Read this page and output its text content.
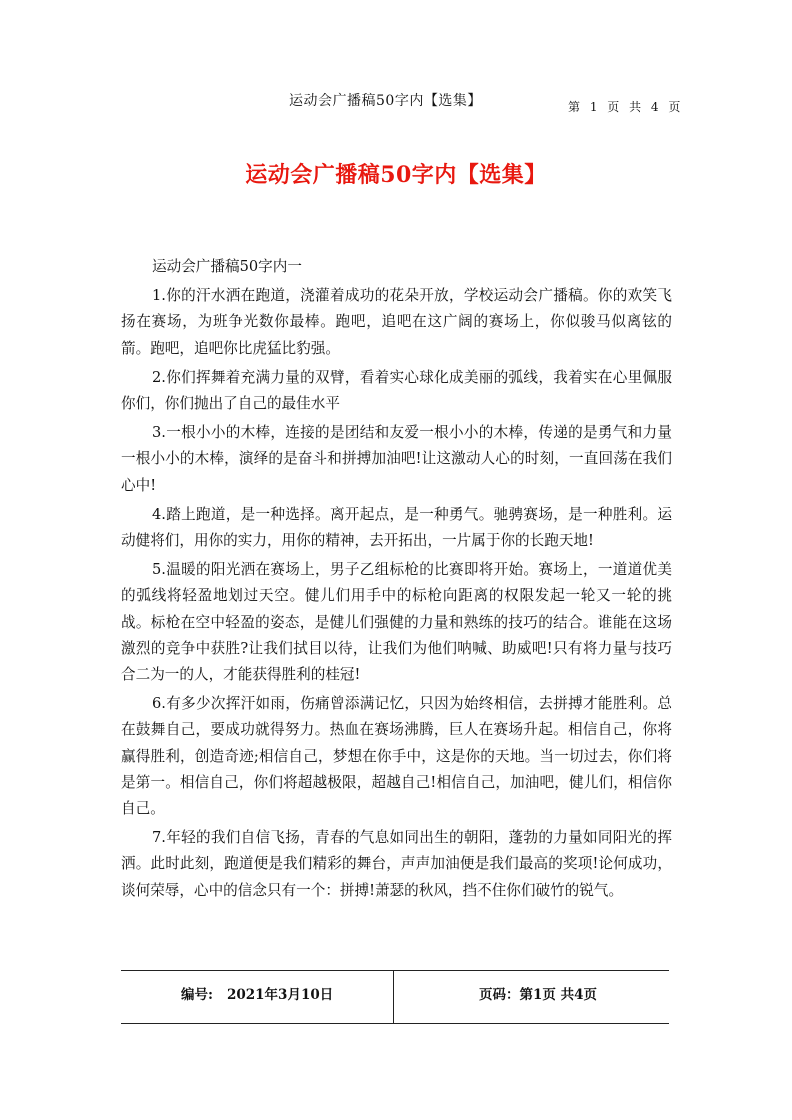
运动会广播稿50字内【选集】	第 1 页 共 4 页
运动会广播稿50字内【选集】

运动会广播稿50字内一

1.你的汗水洒在跑道，浇灌着成功的花朵开放，学校运动会广播稿。你的欢笑飞扬在赛场，为班争光数你最棒。跑吧，追吧在这广阔的赛场上，你似骏马似离铉的箭。跑吧，追吧你比虎猛比豹强。

2.你们挥舞着充满力量的双臂，看着实心球化成美丽的弧线，我着实在心里佩服你们，你们抛出了自己的最佳水平

3.一根小小的木棒，连接的是团结和友爱一根小小的木棒，传递的是勇气和力量一根小小的木棒，演绎的是奋斗和拼搏加油吧!让这激动人心的时刻，一直回荡在我们心中!

4.踏上跑道，是一种选择。离开起点，是一种勇气。驰骋赛场，是一种胜利。运动健将们，用你的实力，用你的精神，去开拓出，一片属于你的长跑天地!

5.温暖的阳光洒在赛场上，男子乙组标枪的比赛即将开始。赛场上，一道道优美的弧线将轻盈地划过天空。健儿们用手中的标枪向距离的权限发起一轮又一轮的挑战。标枪在空中轻盈的姿态，是健儿们强健的力量和熟练的技巧的结合。谁能在这场激烈的竞争中获胜?让我们拭目以待，让我们为他们呐喊、助威吧!只有将力量与技巧合二为一的人，才能获得胜利的桂冠!

6.有多少次挥汗如雨，伤痛曾添满记忆，只因为始终相信，去拼搏才能胜利。总在鼓舞自己，要成功就得努力。热血在赛场沸腾，巨人在赛场升起。相信自己，你将赢得胜利，创造奇迹;相信自己，梦想在你手中，这是你的天地。当一切过去，你们将是第一。相信自己，你们将超越极限，超越自己!相信自己，加油吧，健儿们，相信你自己。

7.年轻的我们自信飞扬，青春的气息如同出生的朝阳，蓬勃的力量如同阳光的挥洒。此时此刻，跑道便是我们精彩的舞台，声声加油便是我们最高的奖项!论何成功，谈何荣辱，心中的信念只有一个：拼搏!萧瑟的秋风，挡不住你们破竹的锐气。

编号: 2021年3月10日	页码：第1页 共4页
